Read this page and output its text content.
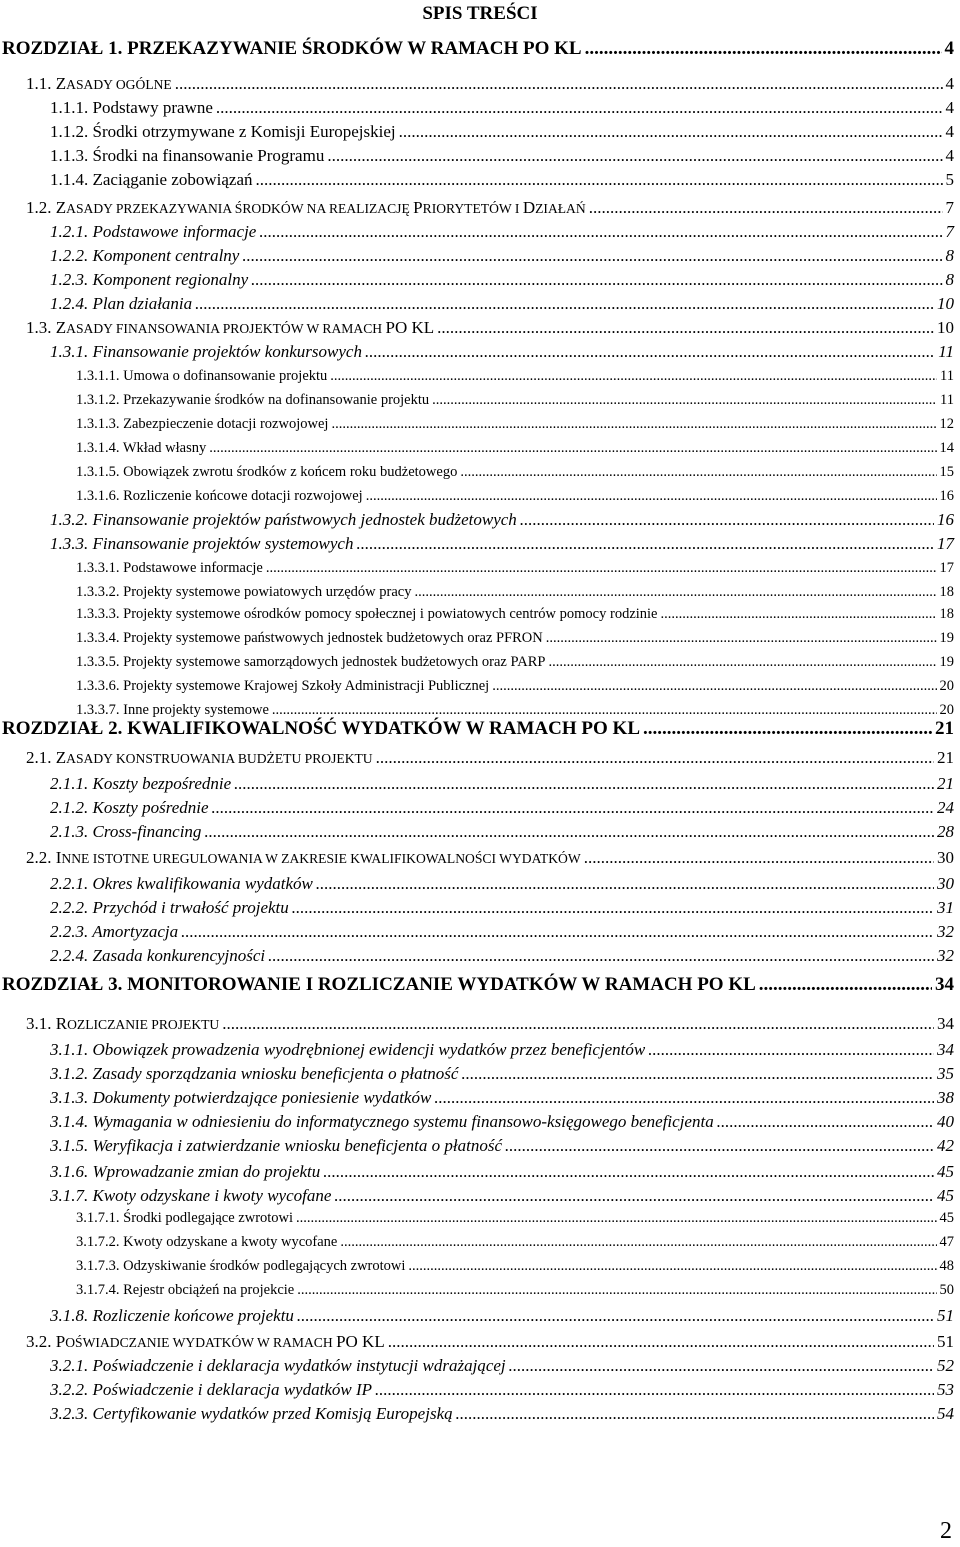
SPIS TREŚCI
ROZDZIAŁ 1. PRZEKAZYWANIE ŚRODKÓW W RAMACH PO KL .....	4
1.1. ZASADY OGÓLNE .....	4
1.1.1. Podstawy prawne .....	4
1.1.2. Środki otrzymywane z Komisji Europejskiej .....	4
1.1.3. Środki na finansowanie Programu .....	4
1.1.4. Zaciąganie zobowiązań .....	5
1.2. ZASADY PRZEKAZYWANIA ŚRODKÓW NA REALIZACJĘ PRIORYTETÓW I DZIAŁAŃ .....	7
1.2.1. Podstawowe informacje .....	7
1.2.2. Komponent centralny .....	8
1.2.3. Komponent regionalny .....	8
1.2.4. Plan działania .....	10
1.3. ZASADY FINANSOWANIA PROJEKTÓW W RAMACH PO KL .....	10
1.3.1. Finansowanie projektów konkursowych .....	11
1.3.1.1. Umowa o dofinansowanie projektu .....	11
1.3.1.2. Przekazywanie środków na dofinansowanie projektu .....	11
1.3.1.3. Zabezpieczenie dotacji rozwojowej .....	12
1.3.1.4. Wkład własny .....	14
1.3.1.5. Obowiązek zwrotu środków z końcem roku budżetowego .....	15
1.3.1.6. Rozliczenie końcowe dotacji rozwojowej .....	16
1.3.2. Finansowanie projektów państwowych jednostek budżetowych .....	16
1.3.3. Finansowanie projektów systemowych .....	17
1.3.3.1. Podstawowe informacje .....	17
1.3.3.2. Projekty systemowe powiatowych urzędów pracy .....	18
1.3.3.3. Projekty systemowe ośrodków pomocy społecznej i powiatowych centrów pomocy rodzinie .....	18
1.3.3.4. Projekty systemowe państwowych jednostek budżetowych oraz PFRON .....	19
1.3.3.5. Projekty systemowe samorządowych jednostek budżetowych oraz PARP .....	19
1.3.3.6. Projekty systemowe Krajowej Szkoły Administracji Publicznej .....	20
1.3.3.7. Inne projekty systemowe .....	20
ROZDZIAŁ 2. KWALIFIKOWALNOŚĆ WYDATKÓW W RAMACH PO KL .....	21
2.1. ZASADY KONSTRUOWANIA BUDŻETU PROJEKTU .....	21
2.1.1. Koszty bezpośrednie .....	21
2.1.2. Koszty pośrednie .....	24
2.1.3. Cross-financing .....	28
2.2. INNE ISTOTNE UREGULOWANIA W ZAKRESIE KWALIFIKOWALNOŚCI WYDATKÓW .....	30
2.2.1. Okres kwalifikowania wydatków .....	30
2.2.2. Przychód i trwałość projektu .....	31
2.2.3. Amortyzacja .....	32
2.2.4. Zasada konkurencyjności .....	32
ROZDZIAŁ 3. MONITOROWANIE I ROZLICZANIE WYDATKÓW W RAMACH PO KL .....	34
3.1. ROZLICZANIE PROJEKTU .....	34
3.1.1. Obowiązek prowadzenia wyodrębnionej ewidencji wydatków przez beneficjentów .....	34
3.1.2. Zasady sporządzania wniosku beneficjenta o płatność .....	35
3.1.3. Dokumenty potwierdzające poniesienie wydatków .....	38
3.1.4. Wymagania w odniesieniu do informatycznego systemu finansowo-księgowego beneficjenta .....	40
3.1.5. Weryfikacja i zatwierdzanie wniosku beneficjenta o płatność .....	42
3.1.6. Wprowadzanie zmian do projektu .....	45
3.1.7. Kwoty odzyskane i kwoty wycofane .....	45
3.1.7.1. Środki podlegające zwrotowi .....	45
3.1.7.2. Kwoty odzyskane a kwoty wycofane .....	47
3.1.7.3. Odzyskiwanie środków podlegających zwrotowi .....	48
3.1.7.4. Rejestr obciążeń na projekcie .....	50
3.1.8. Rozliczenie końcowe projektu .....	51
3.2. POŚWIADCZANIE WYDATKÓW W RAMACH PO KL .....	51
3.2.1. Poświadczenie i deklaracja wydatków instytucji wdrażającej .....	52
3.2.2. Poświadczenie i deklaracja wydatków IP .....	53
3.2.3. Certyfikowanie wydatków przed Komisją Europejską .....	54
2
